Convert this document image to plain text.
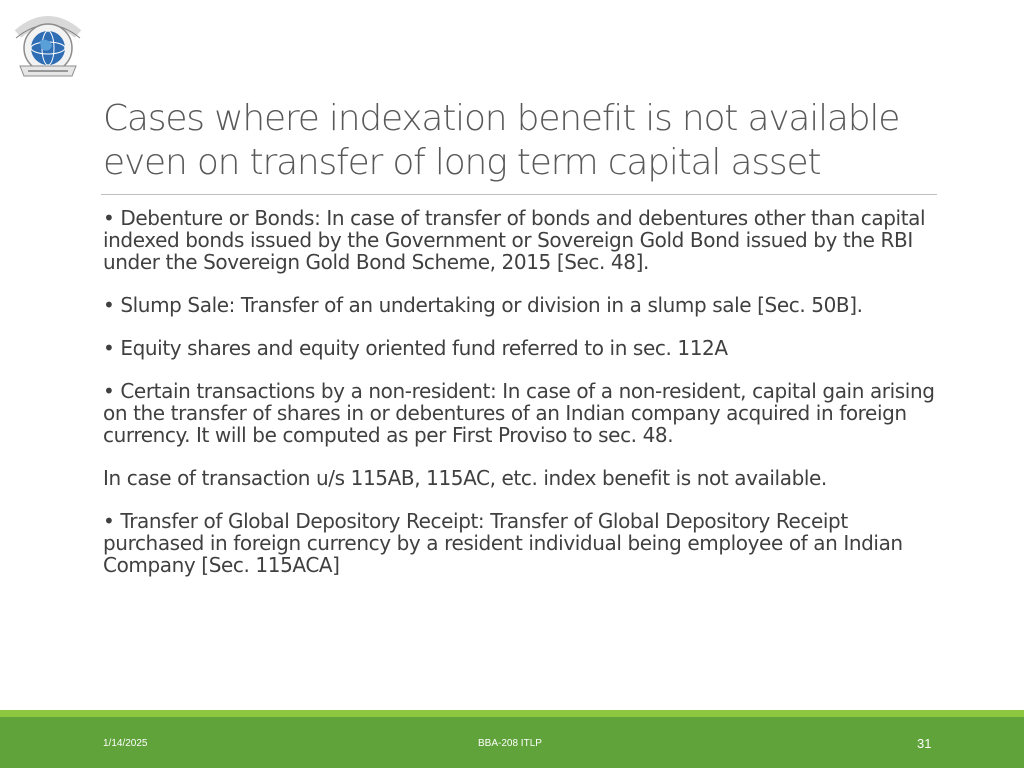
Cases where indexation benefit is not available
even on transfer of long term capital asset

• Debenture or Bonds: In case of transfer of bonds and debentures other than capital indexed bonds issued by the Government or Sovereign Gold Bond issued by the RBI under the Sovereign Gold Bond Scheme, 2015 [Sec. 48].

• Slump Sale: Transfer of an undertaking or division in a slump sale [Sec. 50B].

• Equity shares and equity oriented fund referred to in sec. 112A

• Certain transactions by a non-resident: In case of a non-resident, capital gain arising on the transfer of shares in or debentures of an Indian company acquired in foreign currency. It will be computed as per First Proviso to sec. 48.

In case of transaction u/s 115AB, 115AC, etc. index benefit is not available.

• Transfer of Global Depository Receipt: Transfer of Global Depository Receipt purchased in foreign currency by a resident individual being employee of an Indian Company [Sec. 115ACA]

1/14/2025	BBA-208 ITLP	31
